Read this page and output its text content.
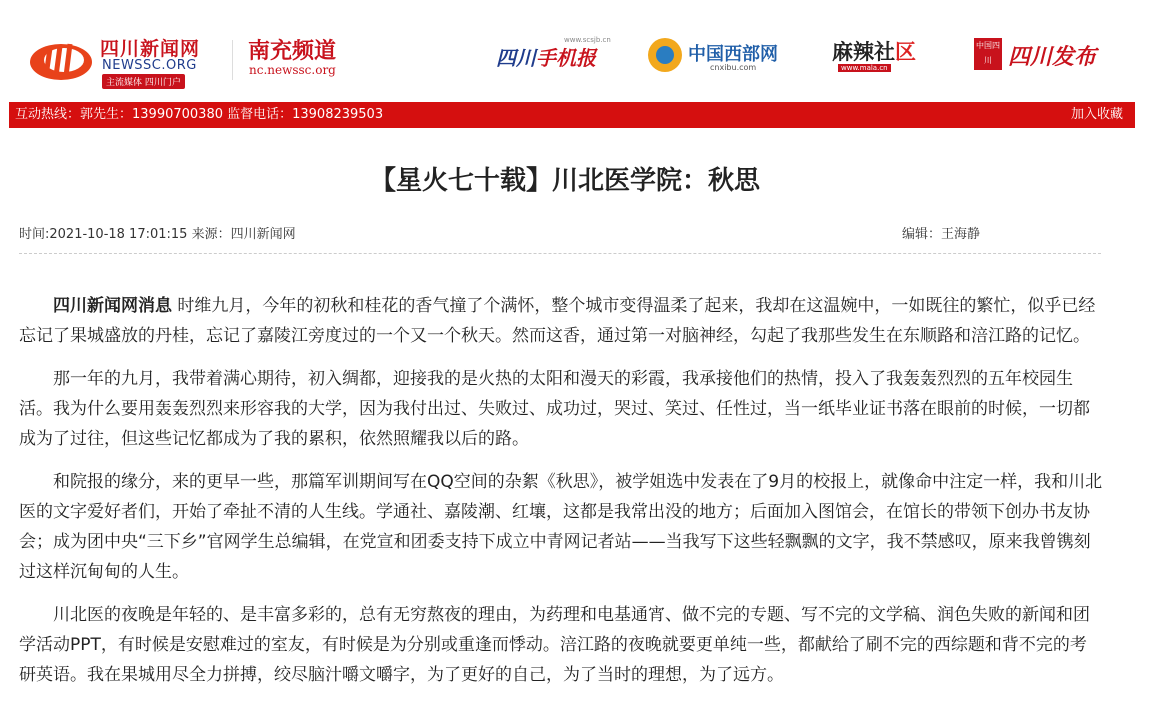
四川新闻网
NEWSSC.ORG
主流媒体 四川门户
南充频道
nc.newssc.org
www.scsjb.cn
四川手机报	中国西部网
cnxibu.com
麻辣社区
www.mala.cn
中国四川 四川发布
互动热线：郭先生：13990700380 监督电话：13908239503	加入收藏
【星火七十载】川北医学院：秋思
时间:2021-10-18 17:01:15 来源：四川新闻网	编辑：王海静

四川新闻网消息 时维九月，今年的初秋和桂花的香气撞了个满怀，整个城市变得温柔了起来，我却在这温婉中，一如既往的繁忙，似乎已经忘记了果城盛放的丹桂，忘记了嘉陵江旁度过的一个又一个秋天。然而这香，通过第一对脑神经，勾起了我那些发生在东顺路和涪江路的记忆。

那一年的九月，我带着满心期待，初入绸都，迎接我的是火热的太阳和漫天的彩霞，我承接他们的热情，投入了我轰轰烈烈的五年校园生活。我为什么要用轰轰烈烈来形容我的大学，因为我付出过、失败过、成功过，哭过、笑过、任性过，当一纸毕业证书落在眼前的时候，一切都成为了过往，但这些记忆都成为了我的累积，依然照耀我以后的路。

和院报的缘分，来的更早一些，那篇军训期间写在QQ空间的杂絮《秋思》，被学姐选中发表在了9月的校报上，就像命中注定一样，我和川北医的文字爱好者们，开始了牵扯不清的人生线。学通社、嘉陵潮、红壤，这都是我常出没的地方；后面加入图馆会，在馆长的带领下创办书友协会；成为团中央“三下乡”官网学生总编辑，在党宣和团委支持下成立中青网记者站——当我写下这些轻飘飘的文字，我不禁感叹，原来我曾镌刻过这样沉甸甸的人生。

川北医的夜晚是年轻的、是丰富多彩的，总有无穷熬夜的理由，为药理和电基通宵、做不完的专题、写不完的文学稿、润色失败的新闻和团学活动PPT，有时候是安慰难过的室友，有时候是为分别或重逢而悸动。涪江路的夜晚就要更单纯一些，都献给了刷不完的西综题和背不完的考研英语。我在果城用尽全力拼搏，绞尽脑汁嚼文嚼字，为了更好的自己，为了当时的理想，为了远方。
